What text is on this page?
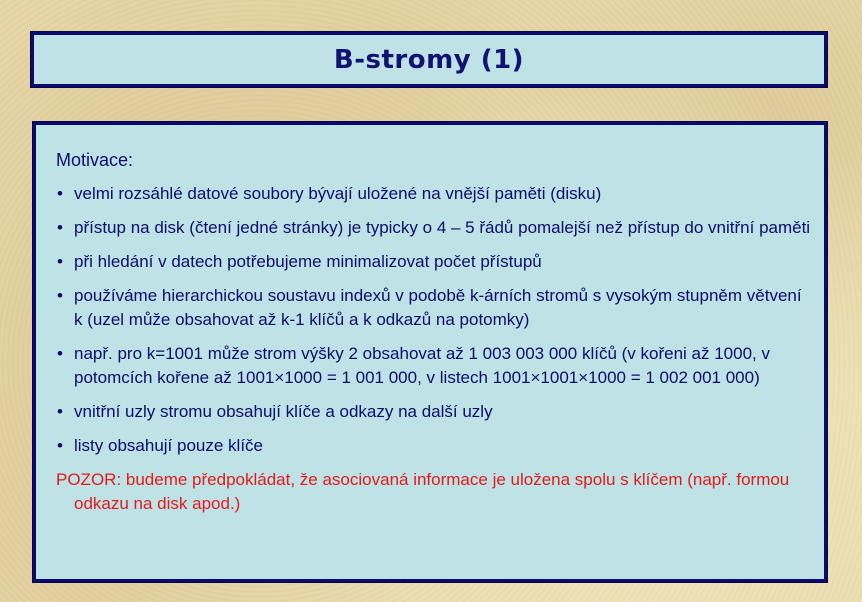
B-stromy (1)
Motivace:
• velmi rozsáhlé datové soubory bývají uložené na vnější paměti (disku)
• přístup na disk (čtení jedné stránky) je typicky o 4 – 5 řádů pomalejší než přístup do vnitřní paměti
• při hledání v datech potřebujeme minimalizovat počet přístupů
• používáme hierarchickou soustavu indexů v podobě k-árních stromů s vysokým stupněm větvení k (uzel může obsahovat až k-1 klíčů a k odkazů na potomky)
• např. pro k=1001 může strom výšky 2 obsahovat až 1 003 003 000 klíčů (v kořeni až 1000, v potomcích kořene až 1001×1000 = 1 001 000, v listech 1001×1001×1000 = 1 002 001 000)
• vnitřní uzly stromu obsahují klíče a odkazy na další uzly
• listy obsahují pouze klíče
POZOR: budeme předpokládat, že asociovaná informace je uložena spolu s klíčem (např. formou odkazu na disk apod.)
